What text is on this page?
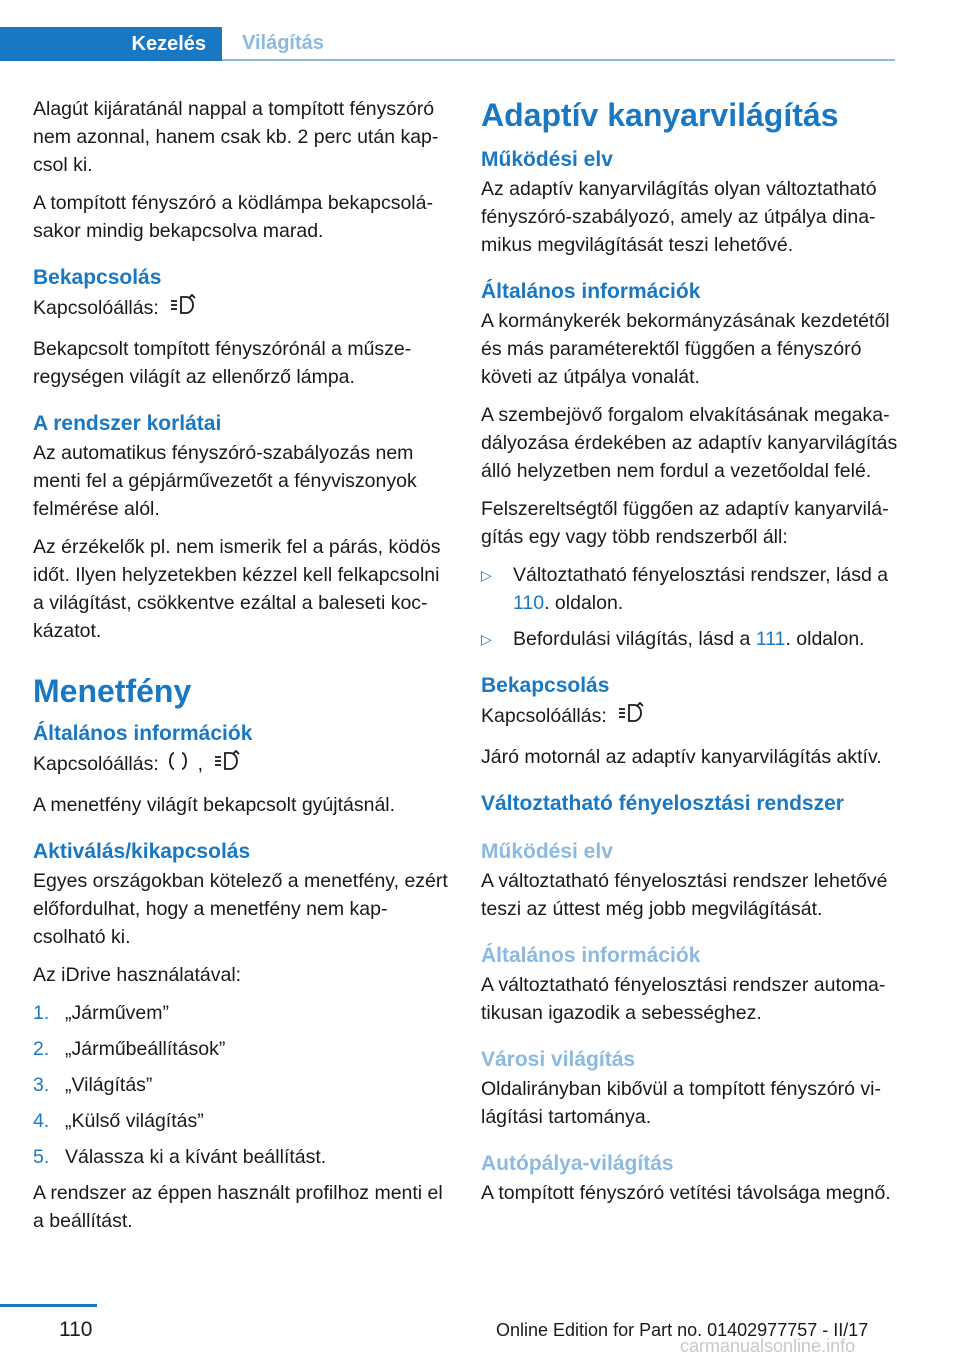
Kezelés	Világítás

Alagút kijáratánál nappal a tompított fényszóró nem azonnal, hanem csak kb. 2 perc után kapcsol ki.

A tompított fényszóró a ködlámpa bekapcsolásakor mindig bekapcsolva marad.

Bekapcsolás

Kapcsolóállás:

Bekapcsolt tompított fényszórónál a műszeregységen világít az ellenőrző lámpa.

A rendszer korlátai

Az automatikus fényszóró-szabályozás nem menti fel a gépjárművezetőt a fényviszonyok felmérése alól.

Az érzékelők pl. nem ismerik fel a párás, ködös időt. Ilyen helyzetekben kézzel kell felkapcsolni a világítást, csökkentve ezáltal a baleseti kockázatot.

Menetfény
Általános információk

Kapcsolóállás: ,

A menetfény világít bekapcsolt gyújtásnál.

Aktiválás/kikapcsolás

Egyes országokban kötelező a menetfény, ezért előfordulhat, hogy a menetfény nem kapcsolható ki.

Az iDrive használatával:

1. „Járművem”
2. „Járműbeállítások”
3. „Világítás”
4. „Külső világítás”
5. Válassza ki a kívánt beállítást.

A rendszer az éppen használt profilhoz menti el a beállítást.

Adaptív kanyarvilágítás
Működési elv

Az adaptív kanyarvilágítás olyan változtatható fényszóró-szabályozó, amely az útpálya dinamikus megvilágítását teszi lehetővé.

Általános információk

A kormánykerék bekormányzásának kezdetétől és más paraméterektől függően a fényszóró követi az útpálya vonalát.

A szembejövő forgalom elvakításának megakadályozása érdekében az adaptív kanyarvilágítás álló helyzetben nem fordul a vezetőoldal felé.

Felszereltségtől függően az adaptív kanyarvilágítás egy vagy több rendszerből áll:

▷	Változtatható fényelosztási rendszer, lásd a 110. oldalon.
▷	Befordulási világítás, lásd a 111. oldalon.
Bekapcsolás

Kapcsolóállás:

Járó motornál az adaptív kanyarvilágítás aktív.

Változtatható fényelosztási rendszer
Működési elv

A változtatható fényelosztási rendszer lehetővé teszi az úttest még jobb megvilágítását.

Általános információk

A változtatható fényelosztási rendszer automatikusan igazodik a sebességhez.

Városi világítás

Oldalirányban kibővül a tompított fényszóró világítási tartománya.

Autópálya-világítás

A tompított fényszóró vetítési távolsága megnő.

110	Online Edition for Part no. 01402977757 - II/17
carmanualsonline.info
